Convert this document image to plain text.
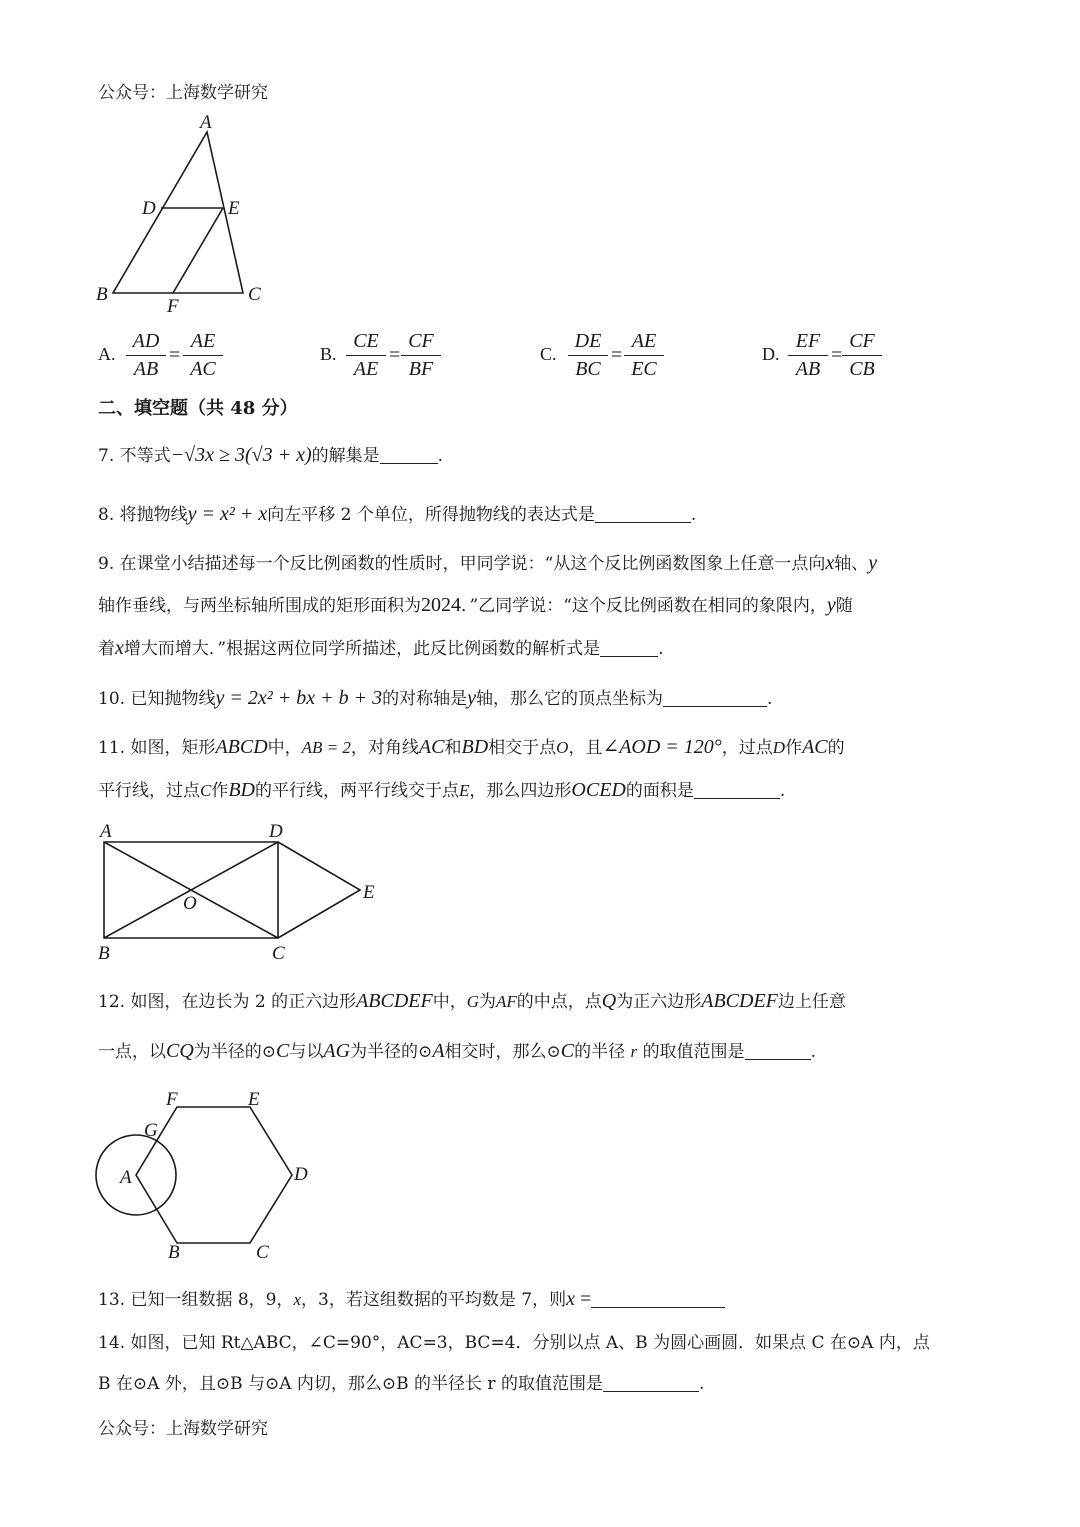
公众号：上海数学研究
A
D	E
B
F
C
A. $\frac{AD}{AB} = \frac{AE}{AC}$	B. $\frac{CE}{AE} = \frac{CF}{BF}$	C. $\frac{DE}{BC} = \frac{AE}{EC}$	D. $\frac{EF}{AB} = \frac{CF}{CB}$
二、填空题（共 48 分）
7. 不等式−√3x ≥ 3(√3 + x)的解集是	.
8. 将抛物线y = x² + x向左平移 2 个单位，所得抛物线的表达式是	.
9. 在课堂小结描述每一个反比例函数的性质时，甲同学说：“从这个反比例函数图象上任意一点向x轴、y
轴作垂线，与两坐标轴所围成的矩形面积为2024．”乙同学说：“这个反比例函数在相同的象限内，y随
着x增大而增大．”根据这两位同学所描述，此反比例函数的解析式是	.
10. 已知抛物线y = 2x² + bx + b + 3的对称轴是y轴，那么它的顶点坐标为	.
11. 如图，矩形ABCD中，AB = 2，对角线AC和BD相交于点O，且∠AOD = 120°，过点D作AC的
平行线，过点C作BD的平行线，两平行线交于点E，那么四边形OCED的面积是	.
A	D
E
O
B	C
12. 如图，在边长为 2 的正六边形ABCDEF中，G为AF的中点，点Q为正六边形ABCDEF边上任意
一点，以CQ为半径的⊙C与以AG为半径的⊙A相交时，那么⊙C的半径 r 的取值范围是	.
F	E
G
A	D
B	C
13. 已知一组数据 8，9，x，3，若这组数据的平均数是 7，则x =
14. 如图，已知 Rt△ABC，∠C=90°，AC=3，BC=4．分别以点 A、B 为圆心画圆．如果点 C 在⊙A 内，点
B 在⊙A 外，且⊙B 与⊙A 内切，那么⊙B 的半径长 r 的取值范围是	.
公众号：上海数学研究
